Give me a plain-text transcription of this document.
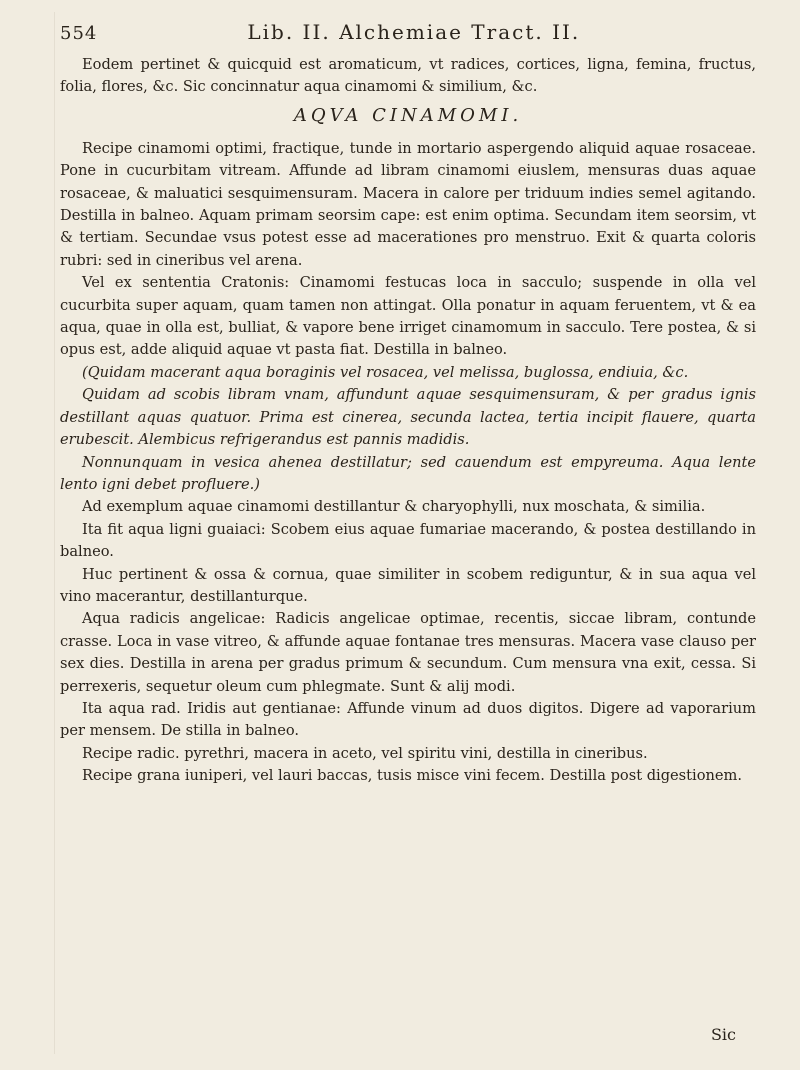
554	Lib. II. Alchemiae Tract. II.

Eodem pertinet & quicquid est aromaticum, vt radices, cortices, ligna, femina, fructus, folia, flores, &c. Sic concinnatur aqua cinamomi & similium, &c.

AQVA CINAMOMI.

Recipe cinamomi optimi, fractique, tunde in mortario aspergendo aliquid aquae rosaceae. Pone in cucurbitam vitream. Affunde ad libram cinamomi eiuslem, mensuras duas aquae rosaceae, & maluatici sesquimensuram. Macera in calore per triduum indies semel agitando. Destilla in balneo. Aquam primam seorsim cape: est enim optima. Secundam item seorsim, vt & tertiam. Secundae vsus potest esse ad macerationes pro menstruo. Exit & quarta coloris rubri: sed in cineribus vel arena.

Vel ex sententia Cratonis: Cinamomi festucas loca in sacculo; suspende in olla vel cucurbita super aquam, quam tamen non attingat. Olla ponatur in aquam feruentem, vt & ea aqua, quae in olla est, bulliat, & vapore bene irriget cinamomum in sacculo. Tere postea, & si opus est, adde aliquid aquae vt pasta fiat. Destilla in balneo.

(Quidam macerant aqua boraginis vel rosacea, vel melissa, buglossa, endiuia, &c.

Quidam ad scobis libram vnam, affundunt aquae sesquimensuram, & per gradus ignis destillant aquas quatuor. Prima est cinerea, secunda lactea, tertia incipit flauere, quarta erubescit. Alembicus refrigerandus est pannis madidis.

Nonnunquam in vesica ahenea destillatur; sed cauendum est empyreuma. Aqua lente lento igni debet profluere.)

Ad exemplum aquae cinamomi destillantur & charyophylli, nux moschata, & similia.

Ita fit aqua ligni guaiaci: Scobem eius aquae fumariae macerando, & postea destillando in balneo.

Huc pertinent & ossa & cornua, quae similiter in scobem rediguntur, & in sua aqua vel vino macerantur, destillanturque.

Aqua radicis angelicae: Radicis angelicae optimae, recentis, siccae libram, contunde crasse. Loca in vase vitreo, & affunde aquae fontanae tres mensuras. Macera vase clauso per sex dies. Destilla in arena per gradus primum & secundum. Cum mensura vna exit, cessa. Si perrexeris, sequetur oleum cum phlegmate. Sunt & alij modi.

Ita aqua rad. Iridis aut gentianae: Affunde vinum ad duos digitos. Digere ad vaporarium per mensem. De stilla in balneo.

Recipe radic. pyrethri, macera in aceto, vel spiritu vini, destilla in cineribus.

Recipe grana iuniperi, vel lauri baccas, tusis misce vini fecem. Destilla post digestionem.

Sic
